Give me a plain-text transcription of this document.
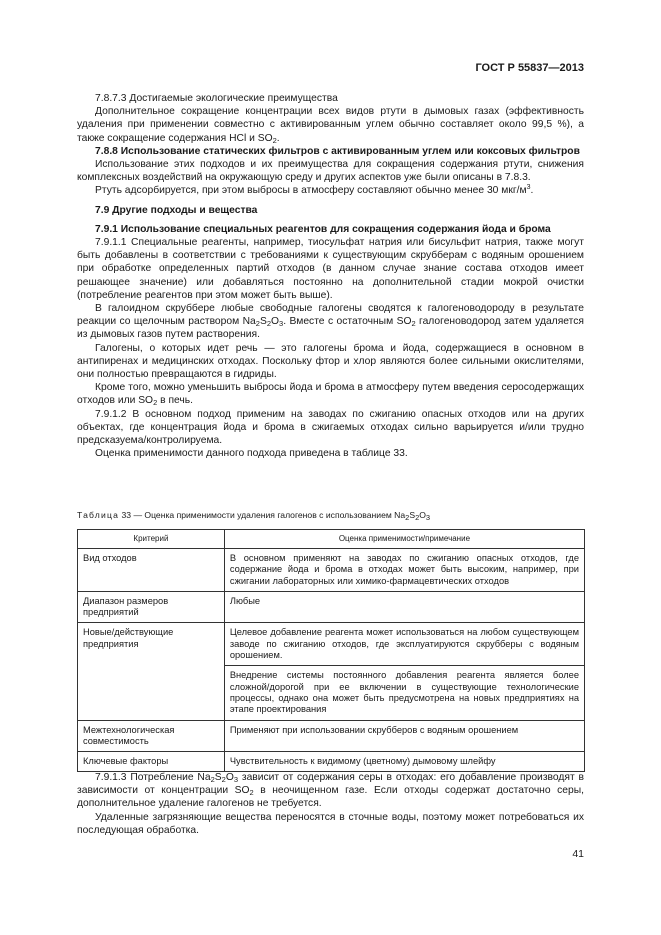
ГОСТ Р 55837—2013

7.8.7.3 Достигаемые экологические преимущества

Дополнительное сокращение концентрации всех видов ртути в дымовых газах (эффективность удаления при применении совместно с активированным углем обычно составляет около 99,5 %), а также сокращение содержания HCl и $SO_2$.

7.8.8 Использование статических фильтров с активированным углем или коксовых фильтров

Использование этих подходов и их преимущества для сокращения содержания ртути, снижения комплексных воздействий на окружающую среду и других аспектов уже были описаны в 7.8.3.

Ртуть адсорбируется, при этом выбросы в атмосферу составляют обычно менее 30 мкг/$м^3$.

7.9 Другие подходы и вещества

7.9.1 Использование специальных реагентов для сокращения содержания йода и брома

7.9.1.1 Специальные реагенты, например, тиосульфат натрия или бисульфит натрия, также могут быть добавлены в соответствии с требованиями к существующим скрубберам с водяным орошением при обработке определенных партий отходов (в данном случае знание состава отходов имеет решающее значение) или добавляться постоянно на дополнительной стадии мокрой очистки (потребление реагентов при этом может быть выше).

В галоидном скруббере любые свободные галогены сводятся к галогеноводороду в результате реакции со щелочным раствором $Na_2S_2O_3$. Вместе с остаточным $SO_2$ галогеноводород затем удаляется из дымовых газов путем растворения.

Галогены, о которых идет речь — это галогены брома и йода, содержащиеся в основном в антипиренах и медицинских отходах. Поскольку фтор и хлор являются более сильными окислителями, они полностью превращаются в гидриды.

Кроме того, можно уменьшить выбросы йода и брома в атмосферу путем введения серосодержащих отходов или $SO_2$ в печь.

7.9.1.2 В основном подход применим на заводах по сжиганию опасных отходов или на других объектах, где концентрация йода и брома в сжигаемых отходах сильно варьируется и/или трудно предсказуема/контролируема.

Оценка применимости данного подхода приведена в таблице 33.

Таблица 33 — Оценка применимости удаления галогенов с использованием $Na_2S_2O_3$
Критерий	Оценка применимости/примечание
Вид отходов	В основном применяют на заводах по сжиганию опасных отходов, где содержание йода и брома в отходах может быть высоким, например, при сжигании лабораторных или химико-фармацевтических отходов
Диапазон размеров предприятий	Любые
Новые/действующие предприятия	Целевое добавление реагента может использоваться на любом существующем заводе по сжиганию отходов, где эксплуатируются скрубберы с водяным орошением.
Внедрение системы постоянного добавления реагента является более сложной/дорогой при ее включении в существующие технологические процессы, однако она может быть предусмотрена на новых предприятиях на этапе проектирования

Межтехнологическая совместимость	Применяют при использовании скрубберов с водяным орошением
Ключевые факторы	Чувствительность к видимому (цветному) дымовому шлейфу

7.9.1.3 Потребление $Na_2S_2O_3$ зависит от содержания серы в отходах: его добавление производят в зависимости от концентрации $SO_2$ в неочищенном газе. Если отходы содержат достаточно серы, дополнительное удаление галогенов не требуется.

Удаленные загрязняющие вещества переносятся в сточные воды, поэтому может потребоваться их последующая обработка.

41
